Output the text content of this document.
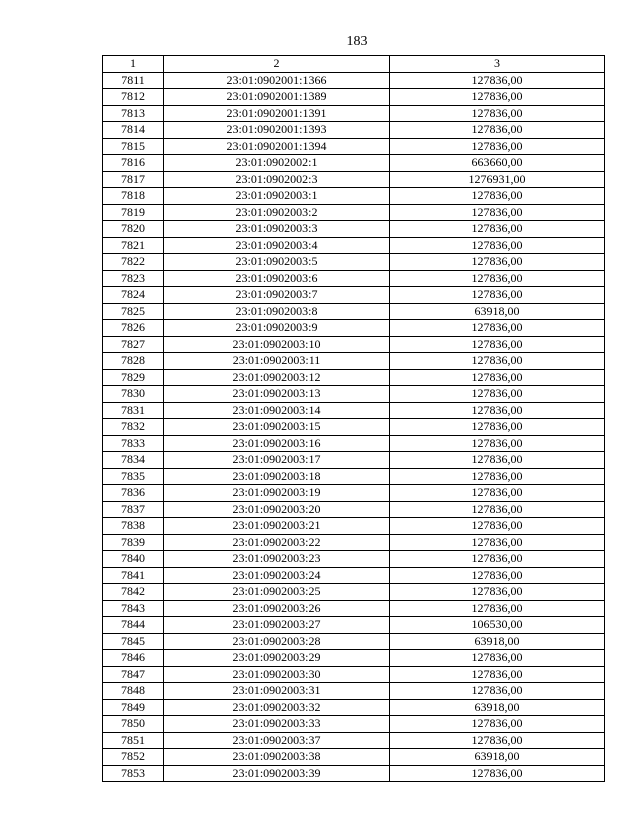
183
1	2	3
7811	23:01:0902001:1366	127836,00
7812	23:01:0902001:1389	127836,00
7813	23:01:0902001:1391	127836,00
7814	23:01:0902001:1393	127836,00
7815	23:01:0902001:1394	127836,00
7816	23:01:0902002:1	663660,00
7817	23:01:0902002:3	1276931,00
7818	23:01:0902003:1	127836,00
7819	23:01:0902003:2	127836,00
7820	23:01:0902003:3	127836,00
7821	23:01:0902003:4	127836,00
7822	23:01:0902003:5	127836,00
7823	23:01:0902003:6	127836,00
7824	23:01:0902003:7	127836,00
7825	23:01:0902003:8	63918,00
7826	23:01:0902003:9	127836,00
7827	23:01:0902003:10	127836,00
7828	23:01:0902003:11	127836,00
7829	23:01:0902003:12	127836,00
7830	23:01:0902003:13	127836,00
7831	23:01:0902003:14	127836,00
7832	23:01:0902003:15	127836,00
7833	23:01:0902003:16	127836,00
7834	23:01:0902003:17	127836,00
7835	23:01:0902003:18	127836,00
7836	23:01:0902003:19	127836,00
7837	23:01:0902003:20	127836,00
7838	23:01:0902003:21	127836,00
7839	23:01:0902003:22	127836,00
7840	23:01:0902003:23	127836,00
7841	23:01:0902003:24	127836,00
7842	23:01:0902003:25	127836,00
7843	23:01:0902003:26	127836,00
7844	23:01:0902003:27	106530,00
7845	23:01:0902003:28	63918,00
7846	23:01:0902003:29	127836,00
7847	23:01:0902003:30	127836,00
7848	23:01:0902003:31	127836,00
7849	23:01:0902003:32	63918,00
7850	23:01:0902003:33	127836,00
7851	23:01:0902003:37	127836,00
7852	23:01:0902003:38	63918,00
7853	23:01:0902003:39	127836,00
